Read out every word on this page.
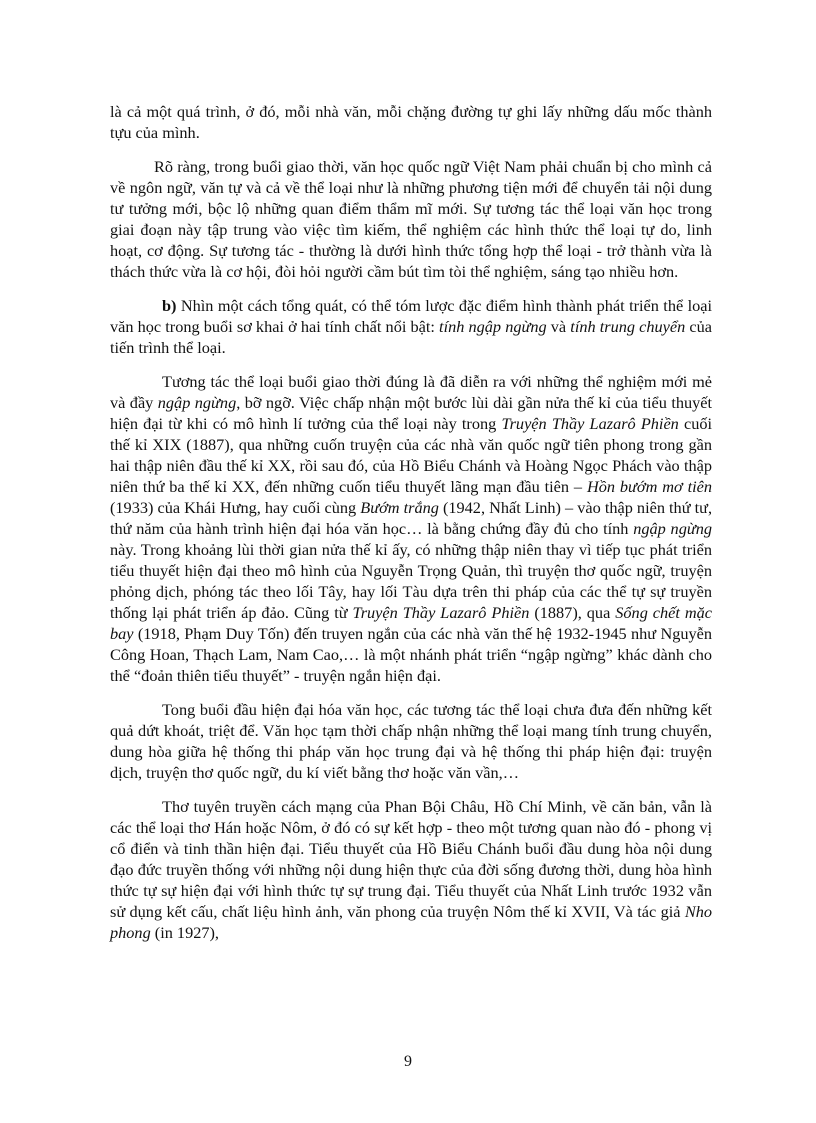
là cả một quá trình, ở đó, mỗi nhà văn, mỗi chặng đường tự ghi lấy những dấu mốc thành tựu của mình.

Rõ ràng, trong buổi giao thời, văn học quốc ngữ Việt Nam phải chuẩn bị cho mình cả về ngôn ngữ, văn tự và cả về thể loại như là những phương tiện mới để chuyển tải nội dung tư tưởng mới, bộc lộ những quan điểm thẩm mĩ mới. Sự tương tác thể loại văn học trong giai đoạn này tập trung vào việc tìm kiếm, thể nghiệm các hình thức thể loại tự do, linh hoạt, cơ động. Sự tương tác - thường là dưới hình thức tổng hợp thể loại - trở thành vừa là thách thức vừa là cơ hội, đòi hỏi người cầm bút tìm tòi thể nghiệm, sáng tạo nhiều hơn.

b) Nhìn một cách tổng quát, có thể tóm lược đặc điểm hình thành phát triển thể loại văn học trong buổi sơ khai ở hai tính chất nổi bật: tính ngập ngừng và tính trung chuyển của tiến trình thể loại.

Tương tác thể loại buổi giao thời đúng là đã diễn ra với những thể nghiệm mới mẻ và đầy ngập ngừng, bỡ ngỡ. Việc chấp nhận một bước lùi dài gần nửa thế kỉ của tiểu thuyết hiện đại từ khi có mô hình lí tưởng của thể loại này trong Truyện Thầy Lazarô Phiền cuối thế kỉ XIX (1887), qua những cuốn truyện của các nhà văn quốc ngữ tiên phong trong gần hai thập niên đầu thế kỉ XX, rồi sau đó, của Hồ Biểu Chánh và Hoàng Ngọc Phách vào thập niên thứ ba thế kỉ XX, đến những cuốn tiểu thuyết lãng mạn đầu tiên – Hồn bướm mơ tiên (1933) của Khái Hưng, hay cuối cùng Bướm trắng (1942, Nhất Linh) – vào thập niên thứ tư, thứ năm của hành trình hiện đại hóa văn học… là bằng chứng đầy đủ cho tính ngập ngừng này. Trong khoảng lùi thời gian nửa thế kỉ ấy, có những thập niên thay vì tiếp tục phát triển tiểu thuyết hiện đại theo mô hình của Nguyễn Trọng Quản, thì truyện thơ quốc ngữ, truyện phỏng dịch, phóng tác theo lối Tây, hay lối Tàu dựa trên thi pháp của các thể tự sự truyền thống lại phát triển áp đảo. Cũng từ Truyện Thầy Lazarô Phiền (1887), qua Sống chết mặc bay (1918, Phạm Duy Tốn) đến truyen ngắn của các nhà văn thế hệ 1932-1945 như Nguyễn Công Hoan, Thạch Lam, Nam Cao,… là một nhánh phát triển “ngập ngừng” khác dành cho thể “đoản thiên tiểu thuyết” - truyện ngắn hiện đại.

Tong buổi đầu hiện đại hóa văn học, các tương tác thể loại chưa đưa đến những kết quả dứt khoát, triệt để. Văn học tạm thời chấp nhận những thể loại mang tính trung chuyển, dung hòa giữa hệ thống thi pháp văn học trung đại và hệ thống thi pháp hiện đại: truyện dịch, truyện thơ quốc ngữ, du kí viết bằng thơ hoặc văn vần,…

Thơ tuyên truyền cách mạng của Phan Bội Châu, Hồ Chí Minh, về căn bản, vẫn là các thể loại thơ Hán hoặc Nôm, ở đó có sự kết hợp - theo một tương quan nào đó - phong vị cổ điển và tinh thần hiện đại. Tiểu thuyết của Hồ Biểu Chánh buổi đầu dung hòa nội dung đạo đức truyền thống với những nội dung hiện thực của đời sống đương thời, dung hòa hình thức tự sự hiện đại với hình thức tự sự trung đại. Tiểu thuyết của Nhất Linh trước 1932 vẫn sử dụng kết cấu, chất liệu hình ảnh, văn phong của truyện Nôm thế kỉ XVII, Và tác giả Nho phong (in 1927),

9
